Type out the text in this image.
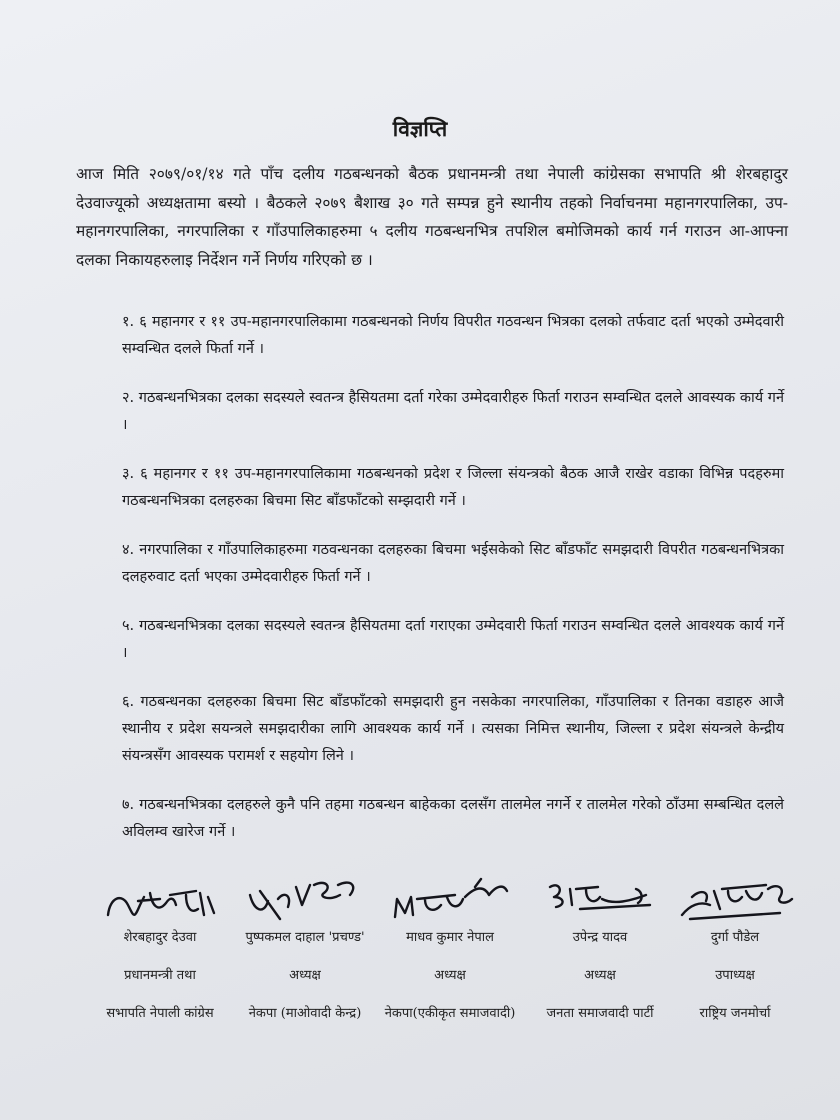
विज्ञप्ति

आज मिति २०७९/०१/१४ गते पाँच दलीय गठबन्धनको बैठक प्रधानमन्त्री तथा नेपाली कांग्रेसका सभापति श्री शेरबहादुर देउवाज्यूको अध्यक्षतामा बस्यो । बैठकले २०७९ बैशाख ३० गते सम्पन्न हुने स्थानीय तहको निर्वाचनमा महानगरपालिका, उप-महानगरपालिका, नगरपालिका र गाँउपालिकाहरुमा ५ दलीय गठबन्धनभित्र तपशिल बमोजिमको कार्य गर्न गराउन आ-आफ्ना दलका निकायहरुलाइ निर्देशन गर्ने निर्णय गरिएको छ ।

१. ६ महानगर र ११ उप-महानगरपालिकामा गठबन्धनको निर्णय विपरीत गठवन्धन भित्रका दलको तर्फवाट दर्ता भएको उम्मेदवारी सम्वन्धित दलले फिर्ता गर्ने ।

२. गठबन्धनभित्रका दलका सदस्यले स्वतन्त्र हैसियतमा दर्ता गरेका उम्मेदवारीहरु फिर्ता गराउन सम्वन्धित दलले आवस्यक कार्य गर्ने ।

३. ६ महानगर र ११ उप-महानगरपालिकामा गठबन्धनको प्रदेश र जिल्ला संयन्त्रको बैठक आजै राखेर वडाका विभिन्न पदहरुमा गठबन्धनभित्रका दलहरुका बिचमा सिट बाँडफाँटको सम्झदारी गर्ने ।

४. नगरपालिका र गाँउपालिकाहरुमा गठवन्धनका दलहरुका बिचमा भईसकेको सिट बाँडफाँट समझदारी विपरीत गठबन्धनभित्रका दलहरुवाट दर्ता भएका उम्मेदवारीहरु फिर्ता गर्ने ।

५. गठबन्धनभित्रका दलका सदस्यले स्वतन्त्र हैसियतमा दर्ता गराएका उम्मेदवारी फिर्ता गराउन सम्वन्धित दलले आवश्यक कार्य गर्ने ।

६. गठबन्धनका दलहरुका बिचमा सिट बाँडफाँटको समझदारी हुन नसकेका नगरपालिका, गाँउपालिका र तिनका वडाहरु आजै स्थानीय र प्रदेश सयन्त्रले समझदारीका लागि आवश्यक कार्य गर्ने । त्यसका निमित्त स्थानीय, जिल्ला र प्रदेश संयन्त्रले केन्द्रीय संयन्त्रसँग आवस्यक परामर्श र सहयोग लिने ।

७. गठबन्धनभित्रका दलहरुले कुनै पनि तहमा गठबन्धन बाहेकका दलसँग तालमेल नगर्ने र तालमेल गरेको ठाँउमा सम्बन्धित दलले अविलम्व खारेज गर्ने ।

शेरबहादुर देउवा
प्रधानमन्त्री तथा
सभापति नेपाली कांग्रेस
पुष्पकमल दाहाल 'प्रचण्ड'
अध्यक्ष
नेकपा (माओवादी केन्द्र)
माधव कुमार नेपाल
अध्यक्ष
नेकपा(एकीकृत समाजवादी)
उपेन्द्र यादव
अध्यक्ष
जनता समाजवादी पार्टी
दुर्गा पौडेल
उपाध्यक्ष
राष्ट्रिय जनमोर्चा
